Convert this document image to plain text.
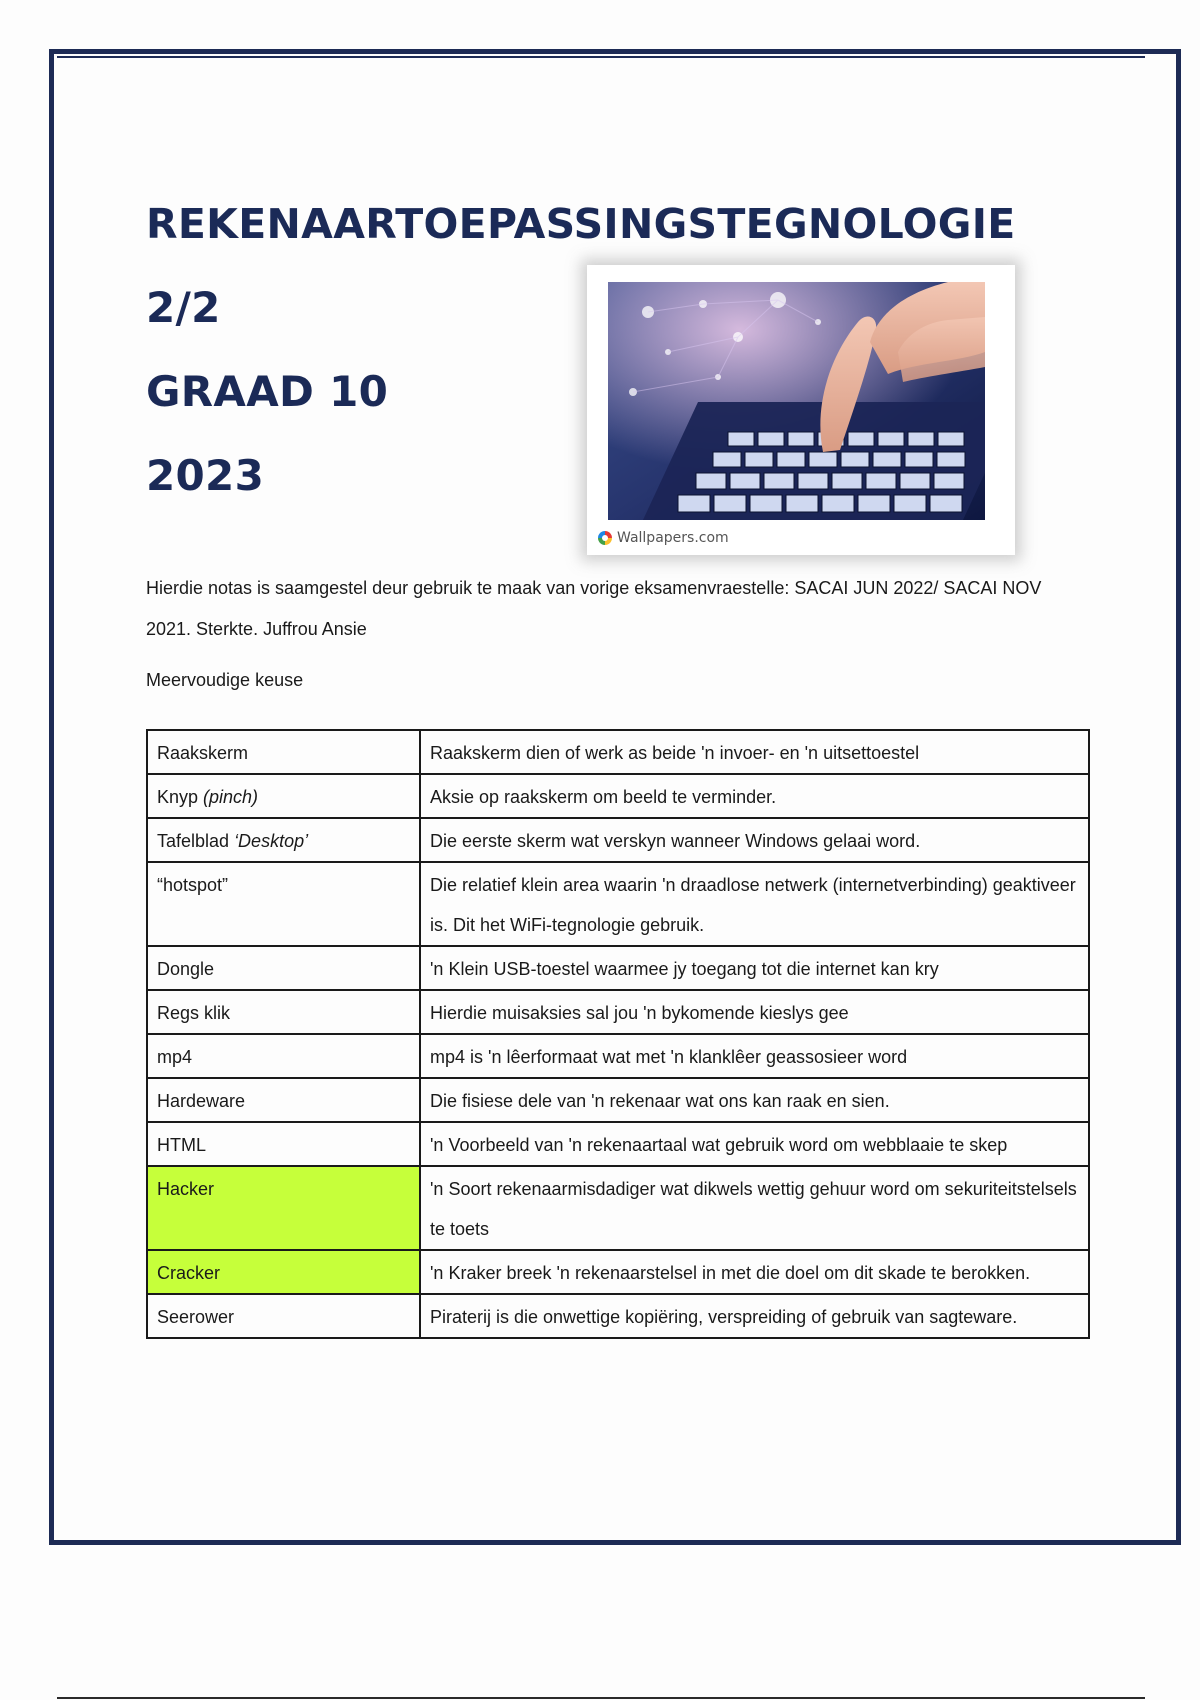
REKENAARTOEPASSINGSTEGNOLOGIE
2/2
GRAAD 10
2023
Wallpapers.com

Hierdie notas is saamgestel deur gebruik te maak van vorige eksamenvraestelle: SACAI JUN 2022/ SACAI NOV 2021. Sterkte. Juffrou Ansie

Meervoudige keuse

Raakskerm	Raakskerm dien of werk as beide 'n invoer- en 'n uitsettoestel
Knyp (pinch)	Aksie op raakskerm om beeld te verminder.
Tafelblad ‘Desktop’	Die eerste skerm wat verskyn wanneer Windows gelaai word.
“hotspot”	Die relatief klein area waarin 'n draadlose netwerk (internetverbinding) geaktiveer is. Dit het WiFi-tegnologie gebruik.
Dongle	'n Klein USB-toestel waarmee jy toegang tot die internet kan kry
Regs klik	Hierdie muisaksies sal jou 'n bykomende kieslys gee
mp4	mp4 is 'n lêerformaat wat met 'n klanklêer geassosieer word
Hardeware	Die fisiese dele van 'n rekenaar wat ons kan raak en sien.
HTML	'n Voorbeeld van 'n rekenaartaal wat gebruik word om webblaaie te skep
Hacker	'n Soort rekenaarmisdadiger wat dikwels wettig gehuur word om sekuriteitstelsels te toets
Cracker	'n Kraker breek 'n rekenaarstelsel in met die doel om dit skade te berokken.
Seerower	Piraterij is die onwettige kopiëring, verspreiding of gebruik van sagteware.
